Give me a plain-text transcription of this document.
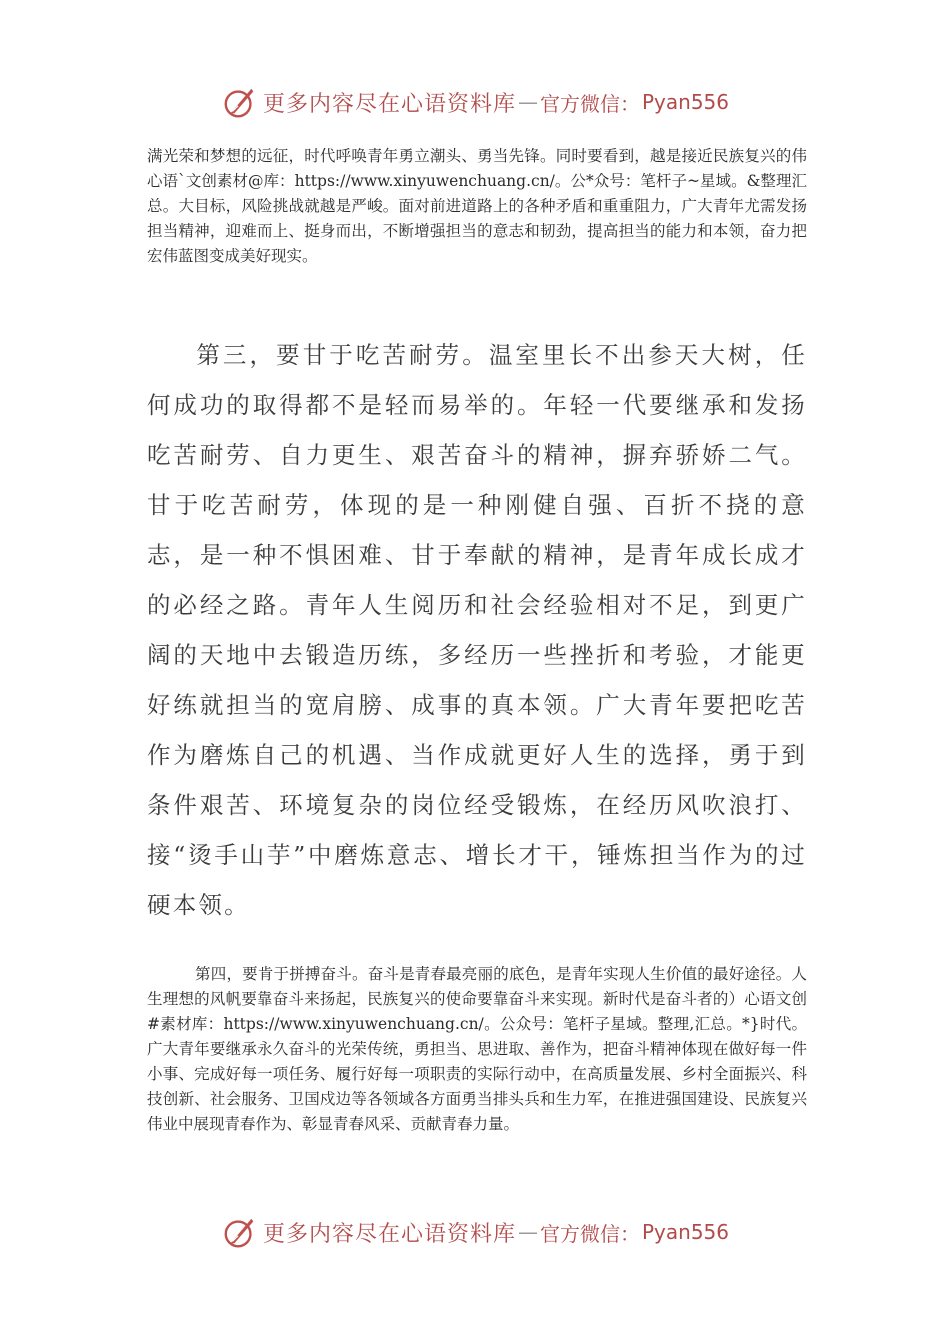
更多内容尽在心语资料库 — 官方微信： Pyan556

满光荣和梦想的远征，时代呼唤青年勇立潮头、勇当先锋。同时要看到，越是接近民族复兴的伟心语`文创素材@库：https://www.xinyuwenchuang.cn/。公*众号：笔杆子~星域。&整理汇总。大目标，风险挑战就越是严峻。面对前进道路上的各种矛盾和重重阻力，广大青年尤需发扬担当精神，迎难而上、挺身而出，不断增强担当的意志和韧劲，提高担当的能力和本领，奋力把宏伟蓝图变成美好现实。

第三，要甘于吃苦耐劳。温室里长不出参天大树，任何成功的取得都不是轻而易举的。年轻一代要继承和发扬吃苦耐劳、自力更生、艰苦奋斗的精神，摒弃骄娇二气。甘于吃苦耐劳，体现的是一种刚健自强、百折不挠的意志，是一种不惧困难、甘于奉献的精神，是青年成长成才的必经之路。青年人生阅历和社会经验相对不足，到更广阔的天地中去锻造历练，多经历一些挫折和考验，才能更好练就担当的宽肩膀、成事的真本领。广大青年要把吃苦作为磨炼自己的机遇、当作成就更好人生的选择，勇于到条件艰苦、环境复杂的岗位经受锻炼，在经历风吹浪打、接“烫手山芋”中磨炼意志、增长才干，锤炼担当作为的过硬本领。

第四，要肯于拼搏奋斗。奋斗是青春最亮丽的底色，是青年实现人生价值的最好途径。人生理想的风帆要靠奋斗来扬起，民族复兴的使命要靠奋斗来实现。新时代是奋斗者的）心语文创#素材库：https://www.xinyuwenchuang.cn/。公众号：笔杆子星域。整理,汇总。*}时代。广大青年要继承永久奋斗的光荣传统，勇担当、思进取、善作为，把奋斗精神体现在做好每一件小事、完成好每一项任务、履行好每一项职责的实际行动中，在高质量发展、乡村全面振兴、科技创新、社会服务、卫国戍边等各领域各方面勇当排头兵和生力军，在推进强国建设、民族复兴伟业中展现青春作为、彰显青春风采、贡献青春力量。

更多内容尽在心语资料库 — 官方微信： Pyan556
